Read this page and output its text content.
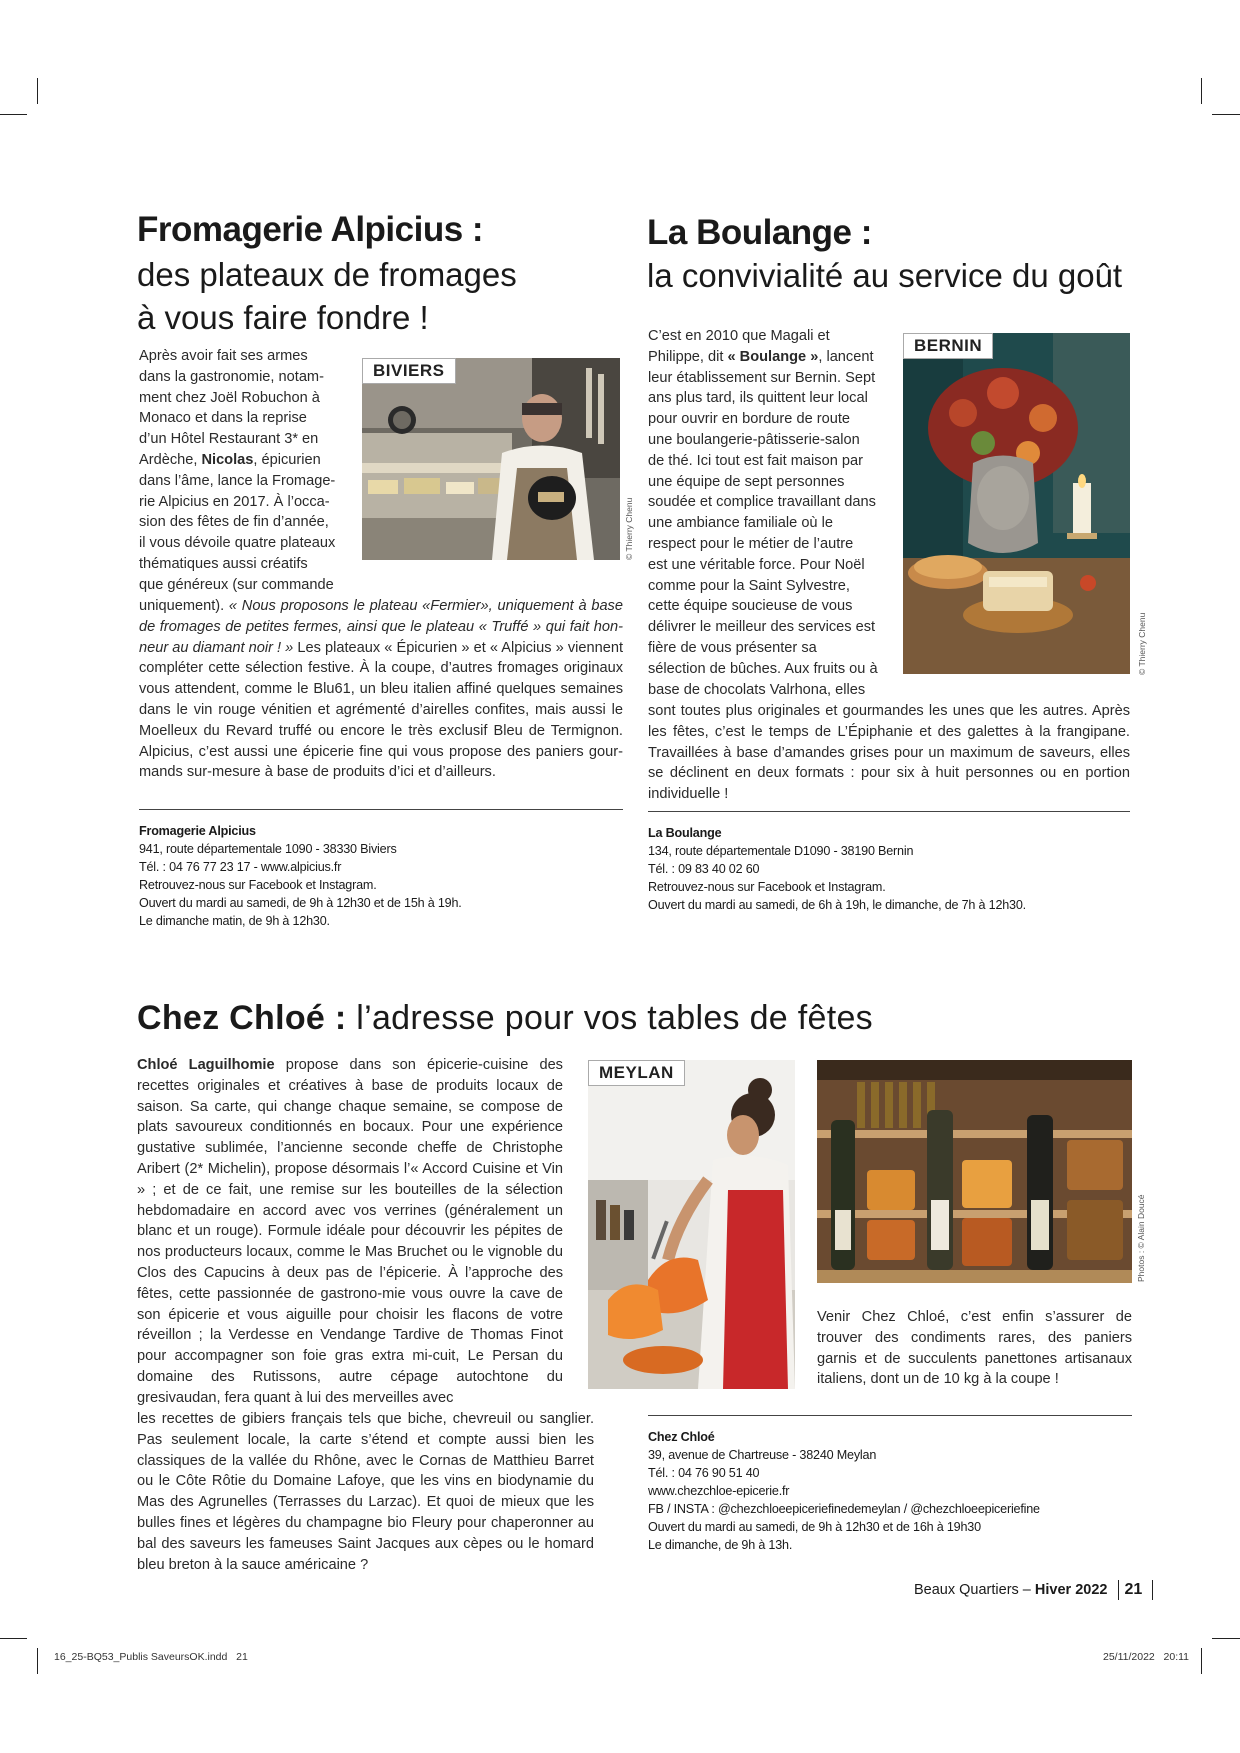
Fromagerie Alpicius :
des plateaux de fromages
à vous faire fondre !
Après avoir fait ses armes
dans la gastronomie, notam-
ment chez Joël Robuchon à
Monaco et dans la reprise
d’un Hôtel Restaurant 3* en
Ardèche, Nicolas, épicurien
dans l’âme, lance la Fromage-
rie Alpicius en 2017. À l’occa-
sion des fêtes de fin d’année,
il vous dévoile quatre plateaux
thématiques aussi créatifs
que généreux (sur commande
BIVIERS
© Thierry Chenu

uniquement). « Nous proposons le plateau «Fermier», uniquement à base de fromages de petites fermes, ainsi que le plateau « Truffé » qui fait hon-neur au diamant noir ! » Les plateaux « Épicurien » et « Alpicius » viennent compléter cette sélection festive. À la coupe, d’autres fromages originaux vous attendent, comme le Blu61, un bleu italien affiné quelques semaines dans le vin rouge vénitien et agrémenté d’airelles confites, mais aussi le Moelleux du Revard truffé ou encore le très exclusif Bleu de Termignon. Alpicius, c’est aussi une épicerie fine qui vous propose des paniers gour-mands sur-mesure à base de produits d’ici et d’ailleurs.

Fromagerie Alpicius
941, route départementale 1090 - 38330 Biviers
Tél. : 04 76 77 23 17 - www.alpicius.fr
Retrouvez-nous sur Facebook et Instagram.
Ouvert du mardi au samedi, de 9h à 12h30 et de 15h à 19h.
Le dimanche matin, de 9h à 12h30.
La Boulange :
la convivialité au service du goût
C’est en 2010 que Magali et
Philippe, dit « Boulange », lancent
leur établissement sur Bernin. Sept
ans plus tard, ils quittent leur local
pour ouvrir en bordure de route
une boulangerie-pâtisserie-salon
de thé. Ici tout est fait maison par
une équipe de sept personnes
soudée et complice travaillant dans
une ambiance familiale où le
respect pour le métier de l’autre
est une véritable force. Pour Noël
comme pour la Saint Sylvestre,
cette équipe soucieuse de vous
délivrer le meilleur des services est
fière de vous présenter sa
sélection de bûches. Aux fruits ou à
base de chocolats Valrhona, elles
BERNIN
© Thierry Chenu

sont toutes plus originales et gourmandes les unes que les autres. Après les fêtes, c’est le temps de L’Épiphanie et des galettes à la frangipane. Travaillées à base d’amandes grises pour un maximum de saveurs, elles se déclinent en deux formats : pour six à huit personnes ou en portion individuelle !

La Boulange
134, route départementale D1090 - 38190 Bernin
Tél. : 09 83 40 02 60
Retrouvez-nous sur Facebook et Instagram.
Ouvert du mardi au samedi, de 6h à 19h, le dimanche, de 7h à 12h30.
Chez Chloé : l’adresse pour vos tables de fêtes

Chloé Laguilhomie propose dans son épicerie-cuisine des recettes originales et créatives à base de produits locaux de saison. Sa carte, qui change chaque semaine, se compose de plats savoureux conditionnés en bocaux. Pour une expérience gustative sublimée, l’ancienne seconde cheffe de Christophe Aribert (2* Michelin), propose désormais l’« Accord Cuisine et Vin » ; et de ce fait, une remise sur les bouteilles de la sélection hebdomadaire en accord avec vos verrines (généralement un blanc et un rouge). Formule idéale pour découvrir les pépites de nos producteurs locaux, comme le Mas Bruchet ou le vignoble du Clos des Capucins à deux pas de l’épicerie. À l’approche des fêtes, cette passionnée de gastrono-mie vous ouvre la cave de son épicerie et vous aiguille pour choisir les flacons de votre réveillon ; la Verdesse en Vendange Tardive de Thomas Finot pour accompagner son foie gras extra mi-cuit, Le Persan du domaine des Rutissons, autre cépage autochtone du gresivaudan, fera quant à lui des merveilles avec

MEYLAN
Photos : © Alain Doucé

Venir Chez Chloé, c’est enfin s’assurer de trouver des condiments rares, des paniers garnis et de succulents panettones artisanaux italiens, dont un de 10 kg à la coupe !

les recettes de gibiers français tels que biche, chevreuil ou sanglier. Pas seulement locale, la carte s’étend et compte aussi bien les classiques de la vallée du Rhône, avec le Cornas de Matthieu Barret ou le Côte Rôtie du Domaine Lafoye, que les vins en biodynamie du Mas des Agrunelles (Terrasses du Larzac). Et quoi de mieux que les bulles fines et légères du champagne bio Fleury pour chaperonner au bal des saveurs les fameuses Saint Jacques aux cèpes ou le homard bleu breton à la sauce américaine ?

Chez Chloé
39, avenue de Chartreuse - 38240 Meylan
Tél. : 04 76 90 51 40
www.chezchloe-epicerie.fr
FB / INSTA : @chezchloeepiceriefinedemeylan / @chezchloeepiceriefine
Ouvert du mardi au samedi, de 9h à 12h30 et de 16h à 19h30
Le dimanche, de 9h à 13h.
Beaux Quartiers – Hiver 2022 21
16_25-BQ53_Publis SaveursOK.indd   21	25/11/2022   20:11
